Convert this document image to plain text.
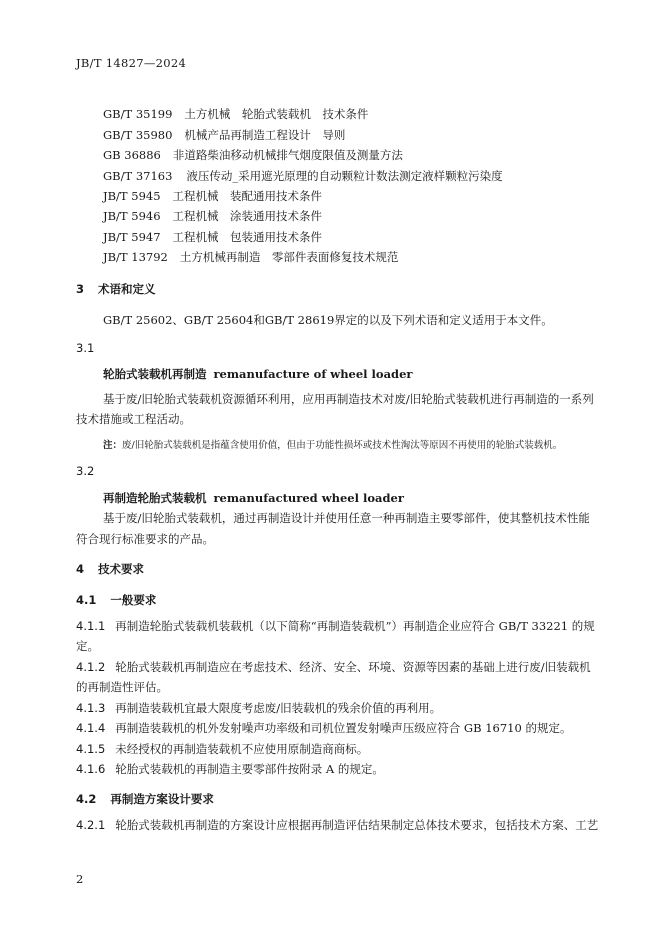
JB/T 14827—2024
GB/T 35199 土方机械　轮胎式装载机　技术条件
GB/T 35980 机械产品再制造工程设计　导则
GB 36886 非道路柴油移动机械排气烟度限值及测量方法
GB/T 37163 液压传动_采用遮光原理的自动颗粒计数法测定液样颗粒污染度
JB/T 5945 工程机械　装配通用技术条件
JB/T 5946 工程机械　涂装通用技术条件
JB/T 5947 工程机械　包装通用技术条件
JB/T 13792 土方机械再制造　零部件表面修复技术规范
3 术语和定义
GB/T 25602、GB/T 25604和GB/T 28619界定的以及下列术语和定义适用于本文件。
3.1
轮胎式装载机再制造 remanufacture of wheel loader
基于废/旧轮胎式装载机资源循环利用，应用再制造技术对废/旧轮胎式装载机进行再制造的一系列
技术措施或工程活动。
注：废/旧轮胎式装载机是指蕴含使用价值，但由于功能性损坏或技术性淘汰等原因不再使用的轮胎式装载机。
3.2
再制造轮胎式装载机 remanufactured wheel loader
基于废/旧轮胎式装载机，通过再制造设计并使用任意一种再制造主要零部件，使其整机技术性能
符合现行标准要求的产品。
4 技术要求
4.1 一般要求
4.1.1 再制造轮胎式装载机装载机（以下简称“再制造装载机”）再制造企业应符合 GB/T 33221 的规
定。
4.1.2 轮胎式装载机再制造应在考虑技术、经济、安全、环境、资源等因素的基础上进行废/旧装载机
的再制造性评估。
4.1.3 再制造装载机宜最大限度考虑废/旧装载机的残余价值的再利用。
4.1.4 再制造装载机的机外发射噪声功率级和司机位置发射噪声压级应符合 GB 16710 的规定。
4.1.5 未经授权的再制造装载机不应使用原制造商商标。
4.1.6 轮胎式装载机的再制造主要零部件按附录 A 的规定。
4.2 再制造方案设计要求
4.2.1 轮胎式装载机再制造的方案设计应根据再制造评估结果制定总体技术要求，包括技术方案、工艺
2
